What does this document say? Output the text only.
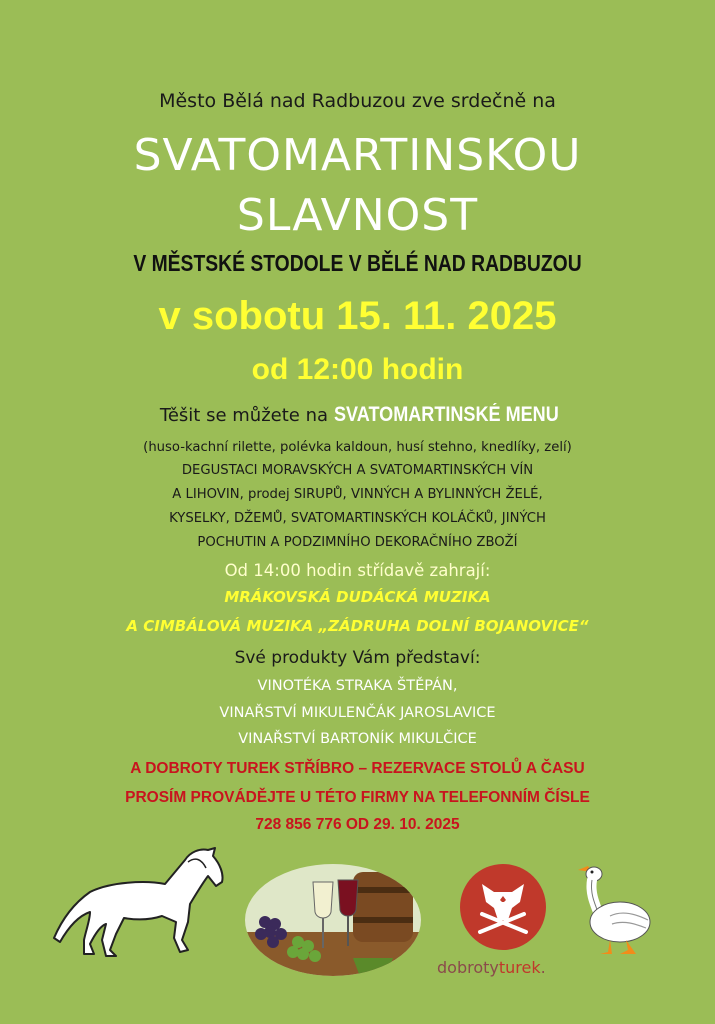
Město Bělá nad Radbuzou zve srdečně na
SVATOMARTINSKOU
SLAVNOST
V MĚSTSKÉ STODOLE V BĚLÉ NAD RADBUZOU
v sobotu 15. 11. 2025
od 12:00 hodin
Těšit se můžete na SVATOMARTINSKÉ MENU
(huso-kachní rilette, polévka kaldoun, husí stehno, knedlíky, zelí)
DEGUSTACI MORAVSKÝCH A SVATOMARTINSKÝCH VÍN
A LIHOVIN, prodej SIRUPŮ, VINNÝCH A BYLINNÝCH ŽELÉ,
KYSELKY, DŽEMŮ, SVATOMARTINSKÝCH KOLÁČKŮ, JINÝCH
POCHUTIN A PODZIMNÍHO DEKORAČNÍHO ZBOŽÍ
Od 14:00 hodin střídavě zahrají:
MRÁKOVSKÁ DUDÁCKÁ MUZIKA
A CIMBÁLOVÁ MUZIKA „ZÁDRUHA DOLNÍ BOJANOVICE“
Své produkty Vám představí:
VINOTÉKA STRAKA ŠTĚPÁN,
VINAŘSTVÍ MIKULENČÁK JAROSLAVICE
VINAŘSTVÍ BARTONÍK MIKULČICE
A DOBROTY TUREK STŘÍBRO – REZERVACE STOLŮ A ČASU
PROSÍM PROVÁDĚJTE U TÉTO FIRMY NA TELEFONNÍM ČÍSLE
728 856 776 OD 29. 10. 2025
dobrotyturek.
